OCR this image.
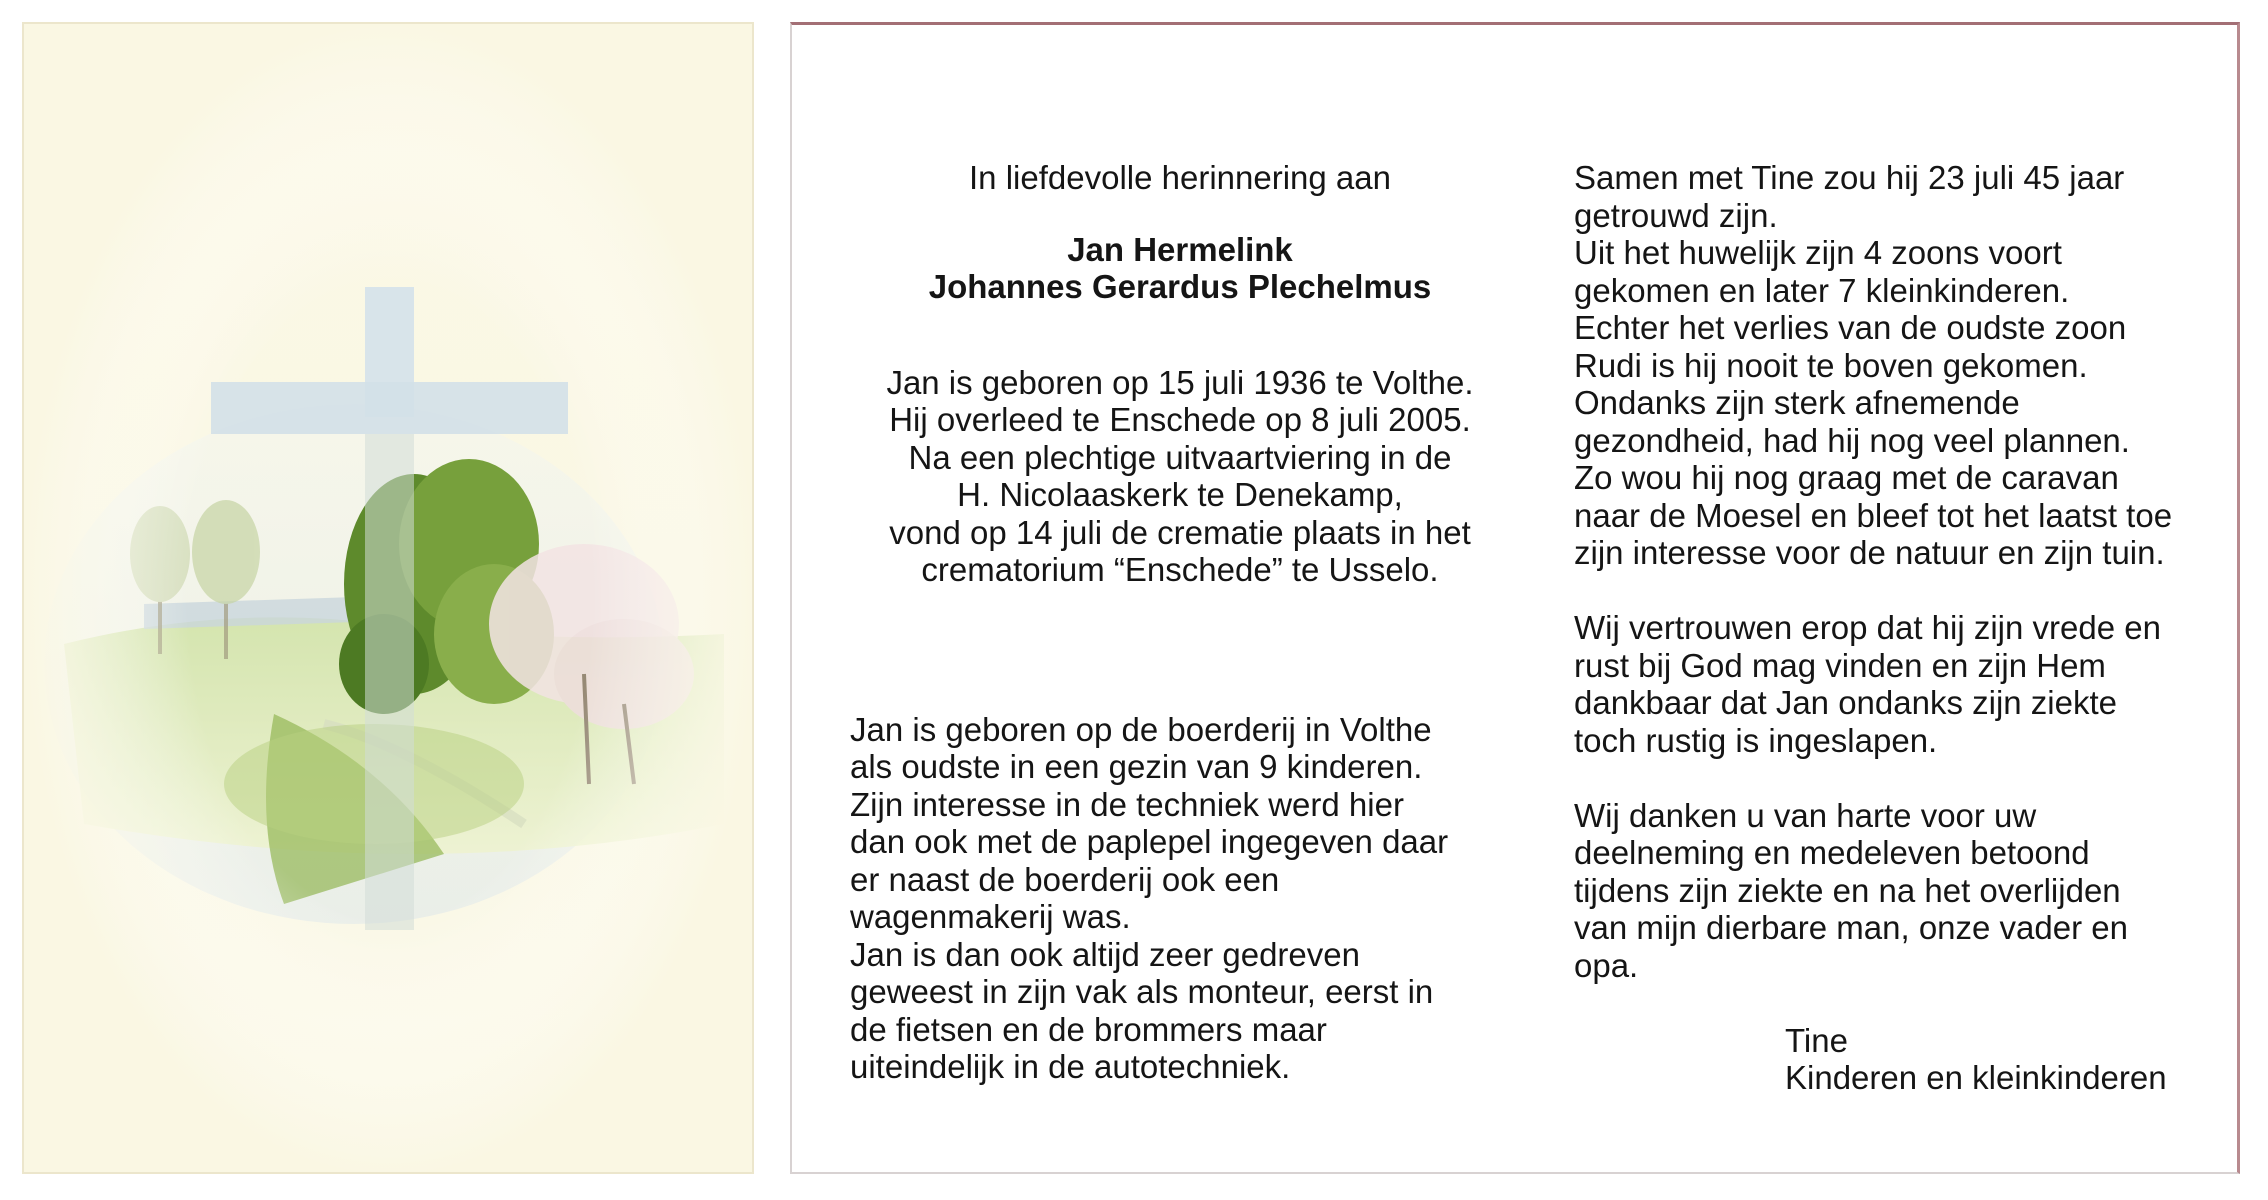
In liefdevolle herinnering aan
Jan Hermelink
Johannes Gerardus Plechelmus
Jan is geboren op 15 juli 1936 te Volthe.
Hij overleed te Enschede op 8 juli 2005.
Na een plechtige uitvaartviering in de
H. Nicolaaskerk te Denekamp,
vond op 14 juli de crematie plaats in het
crematorium “Enschede” te Usselo.
Jan is geboren op de boerderij in Volthe
als oudste in een gezin van 9 kinderen.
Zijn interesse in de techniek werd hier
dan ook met de paplepel ingegeven daar
er naast de boerderij ook een
wagenmakerij was.
Jan is dan ook altijd zeer gedreven
geweest in zijn vak als monteur, eerst in
de fietsen en de brommers maar
uiteindelijk in de autotechniek.
Samen met Tine zou hij 23 juli 45 jaar
getrouwd zijn.
Uit het huwelijk zijn 4 zoons voort
gekomen en later 7 kleinkinderen.
Echter het verlies van de oudste zoon
Rudi is hij nooit te boven gekomen.
Ondanks zijn sterk afnemende
gezondheid, had hij nog veel plannen.
Zo wou hij nog graag met de caravan
naar de Moesel en bleef tot het laatst toe
zijn interesse voor de natuur en zijn tuin.
Wij vertrouwen erop dat hij zijn vrede en
rust bij God mag vinden en zijn Hem
dankbaar dat Jan ondanks zijn ziekte
toch rustig is ingeslapen.
Wij danken u van harte voor uw
deelneming en medeleven betoond
tijdens zijn ziekte en na het overlijden
van mijn dierbare man, onze vader en
opa.
Tine
Kinderen en kleinkinderen
